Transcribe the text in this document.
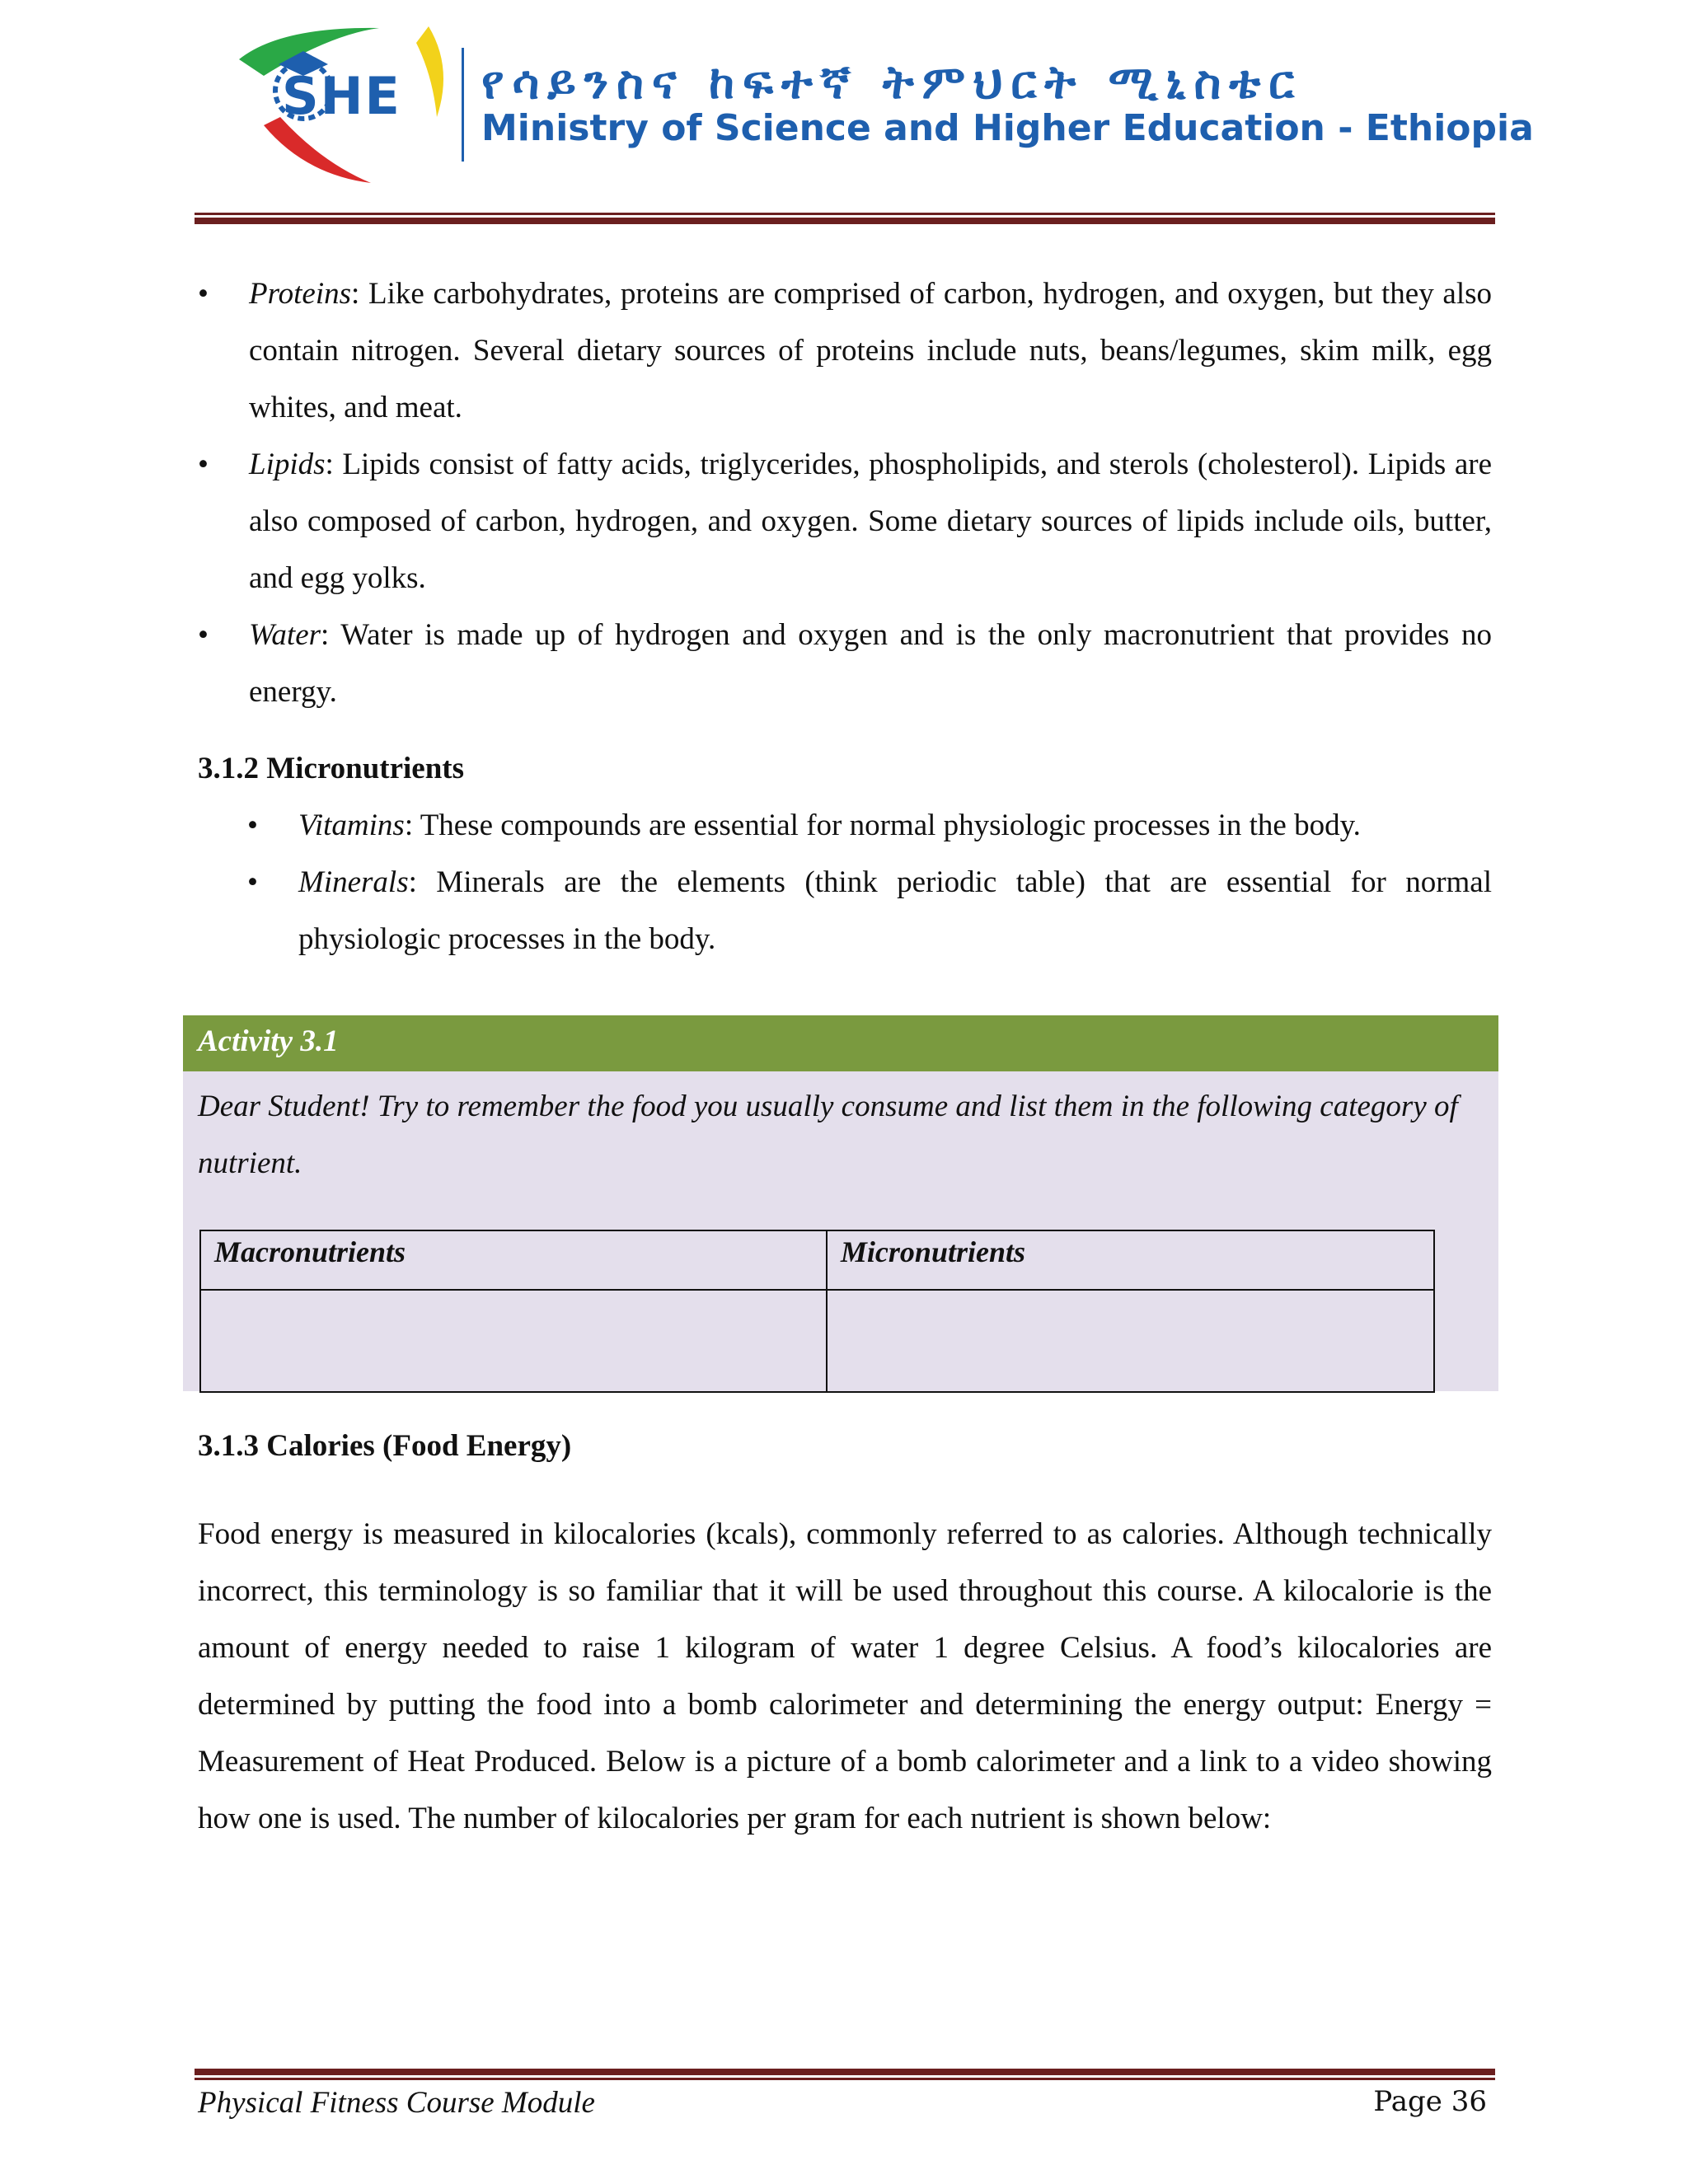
SHE የሳይንስና ከፍተኛ ትምህርት ሚኒስቴር
Ministry of Science and Higher Education - Ethiopia
• Proteins: Like carbohydrates, proteins are comprised of carbon, hydrogen, and oxygen, but they also contain nitrogen. Several dietary sources of proteins include nuts, beans/legumes, skim milk, egg whites, and meat.
• Lipids: Lipids consist of fatty acids, triglycerides, phospholipids, and sterols (cholesterol). Lipids are also composed of carbon, hydrogen, and oxygen. Some dietary sources of lipids include oils, butter, and egg yolks.
• Water: Water is made up of hydrogen and oxygen and is the only macronutrient that provides no energy.
3.1.2 Micronutrients
• Vitamins: These compounds are essential for normal physiologic processes in the body.
• Minerals: Minerals are the elements (think periodic table) that are essential for normal physiologic processes in the body.
Activity 3.1
Dear Student! Try to remember the food you usually consume and list them in the following category of nutrient.
Macronutrients	Micronutrients

3.1.3 Calories (Food Energy)

Food energy is measured in kilocalories (kcals), commonly referred to as calories. Although technically incorrect, this terminology is so familiar that it will be used throughout this course. A kilocalorie is the amount of energy needed to raise 1 kilogram of water 1 degree Celsius. A food’s kilocalories are determined by putting the food into a bomb calorimeter and determining the energy output: Energy = Measurement of Heat Produced. Below is a picture of a bomb calorimeter and a link to a video showing how one is used. The number of kilocalories per gram for each nutrient is shown below:

Physical Fitness Course Module	Page 36
